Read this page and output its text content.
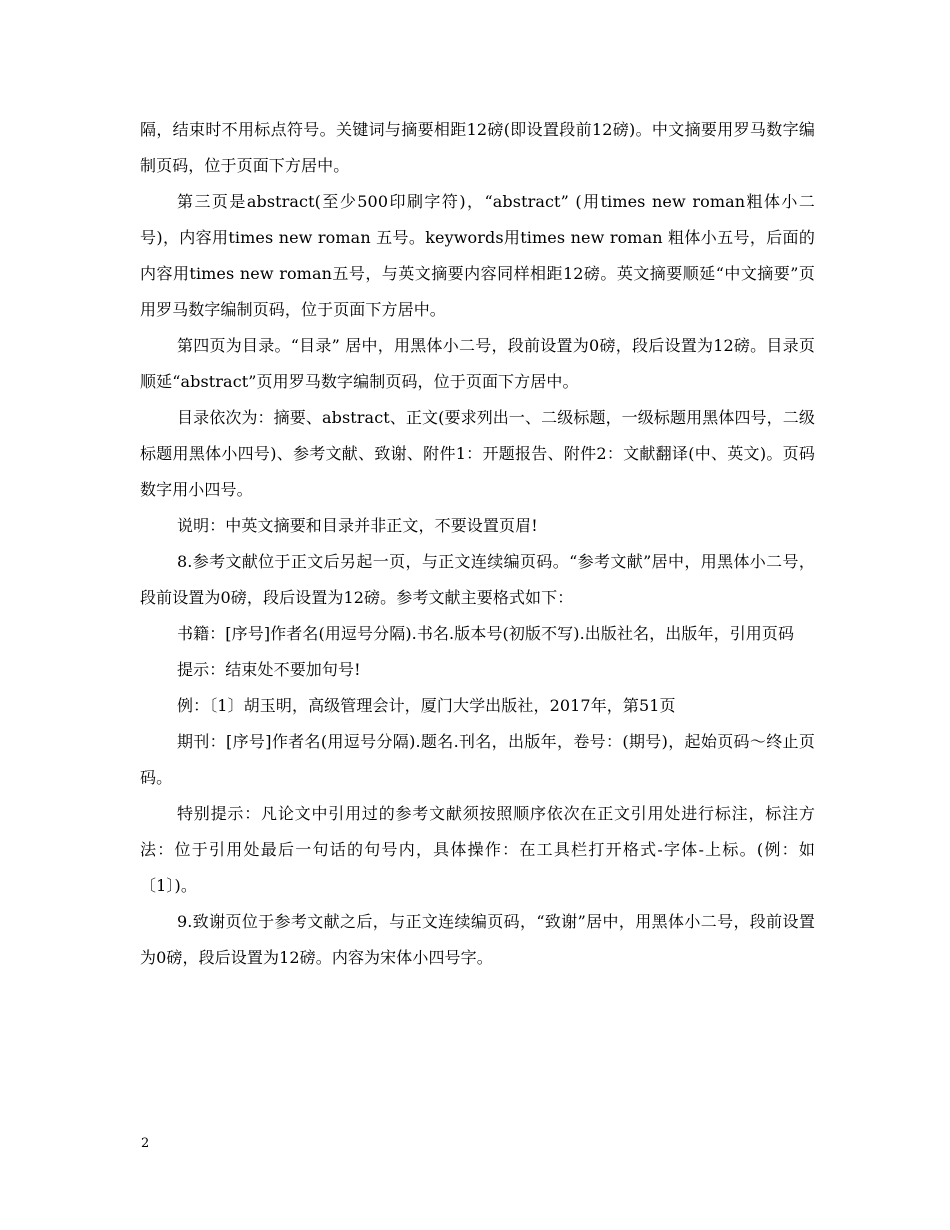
隔，结束时不用标点符号。关键词与摘要相距12磅(即设置段前12磅)。中文摘要用罗马数字编制页码，位于页面下方居中。

第三页是abstract(至少500印刷字符)，“abstract” (用times new roman粗体小二号)，内容用times new roman 五号。keywords用times new roman 粗体小五号，后面的内容用times new roman五号，与英文摘要内容同样相距12磅。英文摘要顺延“中文摘要”页用罗马数字编制页码，位于页面下方居中。

第四页为目录。“目录” 居中，用黑体小二号，段前设置为0磅，段后设置为12磅。目录页顺延“abstract”页用罗马数字编制页码，位于页面下方居中。

目录依次为：摘要、abstract、正文(要求列出一、二级标题，一级标题用黑体四号，二级标题用黑体小四号)、参考文献、致谢、附件1：开题报告、附件2：文献翻译(中、英文)。页码数字用小四号。

说明：中英文摘要和目录并非正文，不要设置页眉!

8.参考文献位于正文后另起一页，与正文连续编页码。“参考文献”居中，用黑体小二号，段前设置为0磅，段后设置为12磅。参考文献主要格式如下：

书籍：[序号]作者名(用逗号分隔).书名.版本号(初版不写).出版社名，出版年，引用页码

提示：结束处不要加句号!

例：〔1〕胡玉明，高级管理会计，厦门大学出版社，2017年，第51页

期刊：[序号]作者名(用逗号分隔).题名.刊名，出版年，卷号：(期号)，起始页码～终止页码。

特别提示：凡论文中引用过的参考文献须按照顺序依次在正文引用处进行标注，标注方法：位于引用处最后一句话的句号内，具体操作：在工具栏打开格式-字体-上标。(例：如〔1〕)。

9.致谢页位于参考文献之后，与正文连续编页码，“致谢”居中，用黑体小二号，段前设置为0磅，段后设置为12磅。内容为宋体小四号字。

2
